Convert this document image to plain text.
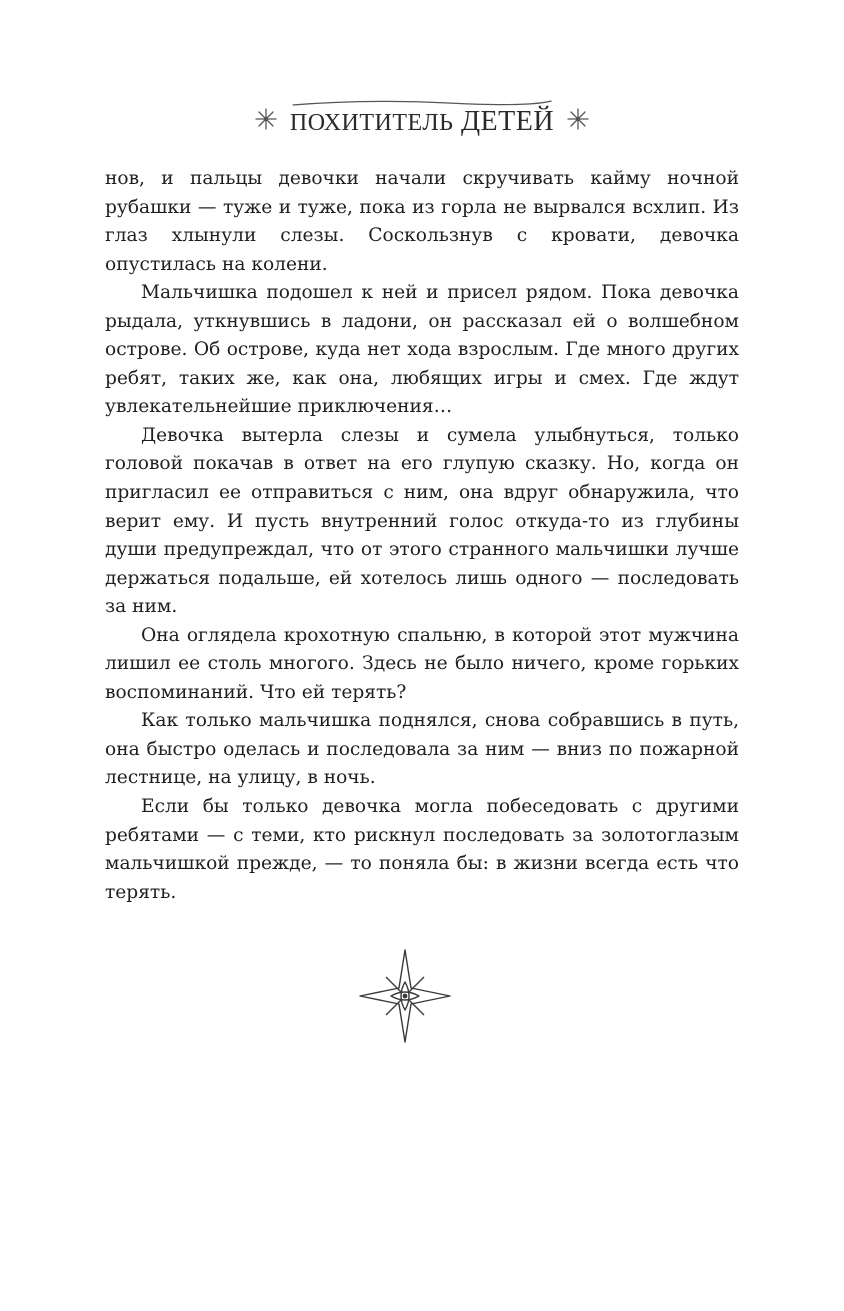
ПОХИТИТЕЛЬ ДЕТЕЙ

нов, и пальцы девочки начали скручивать кайму ночной рубашки — туже и туже, пока из горла не вырвался всхлип. Из глаз хлынули слезы. Соскользнув с кровати, девочка опустилась на колени.

Мальчишка подошел к ней и присел рядом. Пока девочка рыдала, уткнувшись в ладони, он рассказал ей о волшебном острове. Об острове, куда нет хода взрослым. Где много других ребят, таких же, как она, любящих игры и смех. Где ждут увлекательнейшие приключения…

Девочка вытерла слезы и сумела улыбнуться, только головой покачав в ответ на его глупую сказку. Но, когда он пригласил ее отправиться с ним, она вдруг обнаружила, что верит ему. И пусть внутренний голос откуда-то из глубины души предупреждал, что от этого странного мальчишки лучше держаться подальше, ей хотелось лишь одного — последовать за ним.

Она оглядела крохотную спальню, в которой этот мужчина лишил ее столь многого. Здесь не было ничего, кроме горьких воспоминаний. Что ей терять?

Как только мальчишка поднялся, снова собравшись в путь, она быстро оделась и последовала за ним — вниз по пожарной лестнице, на улицу, в ночь.

Если бы только девочка могла побеседовать с другими ребятами — с теми, кто рискнул последовать за золотоглазым мальчишкой прежде, — то поняла бы: в жизни всегда есть что терять.
